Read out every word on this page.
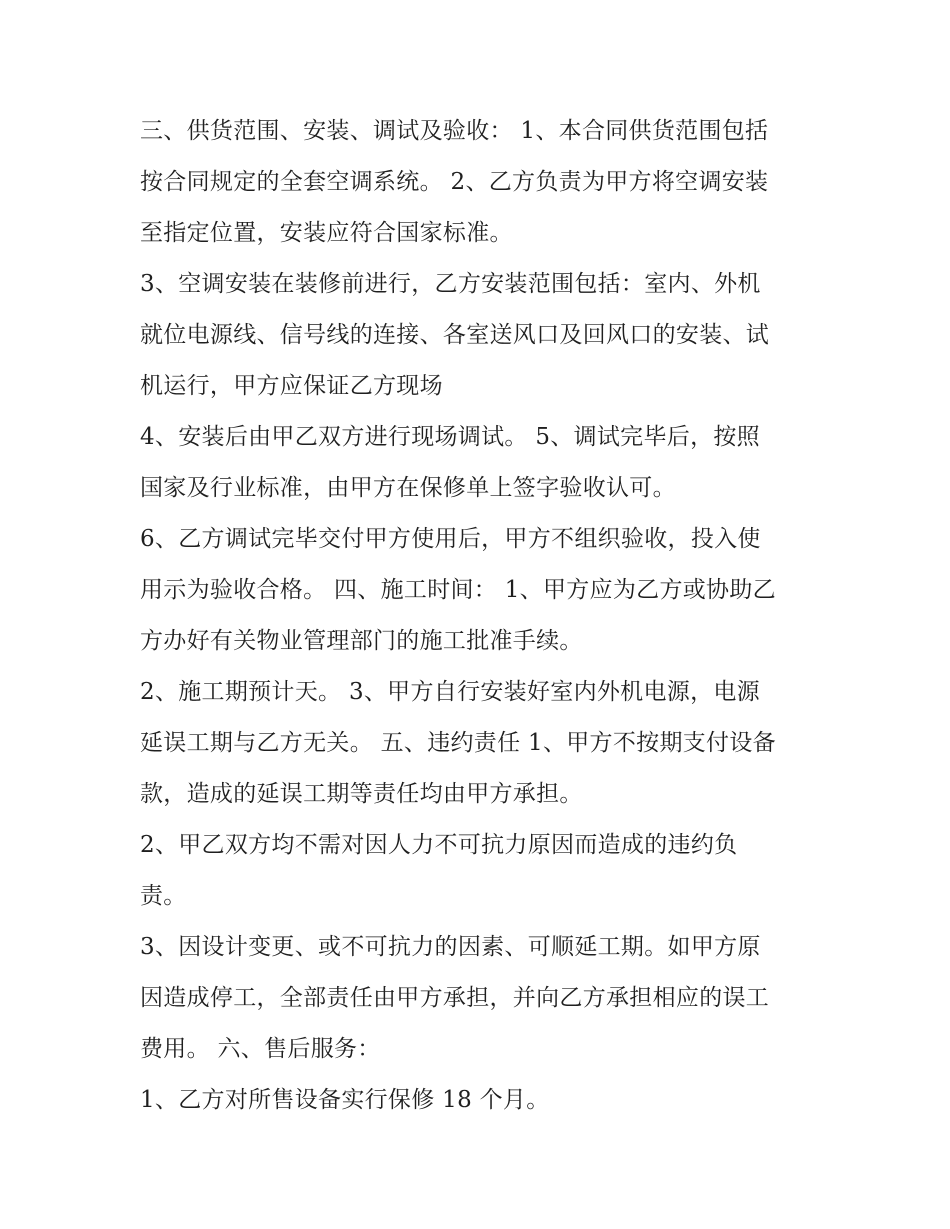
三、供货范围、安装、调试及验收： 1、本合同供货范围包括
按合同规定的全套空调系统。 2、乙方负责为甲方将空调安装
至指定位置，安装应符合国家标准。
3、空调安装在装修前进行，乙方安装范围包括：室内、外机
就位电源线、信号线的连接、各室送风口及回风口的安装、试
机运行，甲方应保证乙方现场
4、安装后由甲乙双方进行现场调试。 5、调试完毕后，按照
国家及行业标准，由甲方在保修单上签字验收认可。
6、乙方调试完毕交付甲方使用后，甲方不组织验收，投入使
用示为验收合格。 四、施工时间： 1、甲方应为乙方或协助乙
方办好有关物业管理部门的施工批准手续。
2、施工期预计天。 3、甲方自行安装好室内外机电源，电源
延误工期与乙方无关。 五、违约责任 1、甲方不按期支付设备
款，造成的延误工期等责任均由甲方承担。
2、甲乙双方均不需对因人力不可抗力原因而造成的违约负
责。
3、因设计变更、或不可抗力的因素、可顺延工期。如甲方原
因造成停工，全部责任由甲方承担，并向乙方承担相应的误工
费用。 六、售后服务：
1、乙方对所售设备实行保修 18 个月。
